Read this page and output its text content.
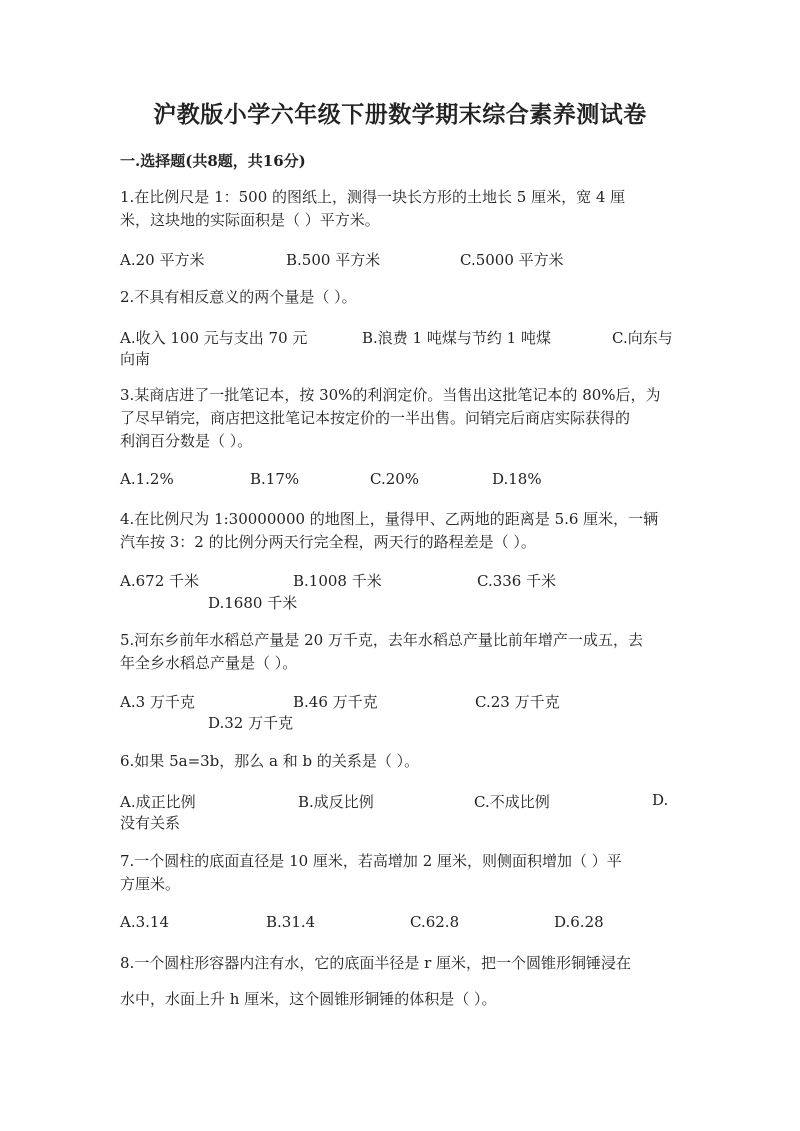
沪教版小学六年级下册数学期末综合素养测试卷
一.选择题(共8题，共16分)
1.在比例尺是 1：500 的图纸上，测得一块长方形的土地长 5 厘米，宽 4 厘
米，这块地的实际面积是（ ）平方米。
A.20 平方米	B.500 平方米	C.5000 平方米
2.不具有相反意义的两个量是（ ）。
A.收入 100 元与支出 70 元	B.浪费 1 吨煤与节约 1 吨煤	C.向东与
向南
3.某商店进了一批笔记本，按 30%的利润定价。当售出这批笔记本的 80%后，为
了尽早销完，商店把这批笔记本按定价的一半出售。问销完后商店实际获得的
利润百分数是（ ）。
A.1.2%	B.17%	C.20%	D.18%
4.在比例尺为 1:30000000 的地图上，量得甲、乙两地的距离是 5.6 厘米，一辆
汽车按 3：2 的比例分两天行完全程，两天行的路程差是（ ）。
A.672 千米	B.1008 千米	C.336 千米
D.1680 千米
5.河东乡前年水稻总产量是 20 万千克，去年水稻总产量比前年增产一成五，去
年全乡水稻总产量是（ ）。
A.3 万千克	B.46 万千克	C.23 万千克
D.32 万千克
6.如果 5a=3b，那么 a 和 b 的关系是（ ）。
A.成正比例	B.成反比例	C.不成比例	D.
没有关系
7.一个圆柱的底面直径是 10 厘米，若高增加 2 厘米，则侧面积增加（ ）平
方厘米。
A.3.14	B.31.4	C.62.8	D.6.28
8.一个圆柱形容器内注有水，它的底面半径是 r 厘米，把一个圆锥形铜锤浸在
水中，水面上升 h 厘米，这个圆锥形铜锤的体积是（ ）。
